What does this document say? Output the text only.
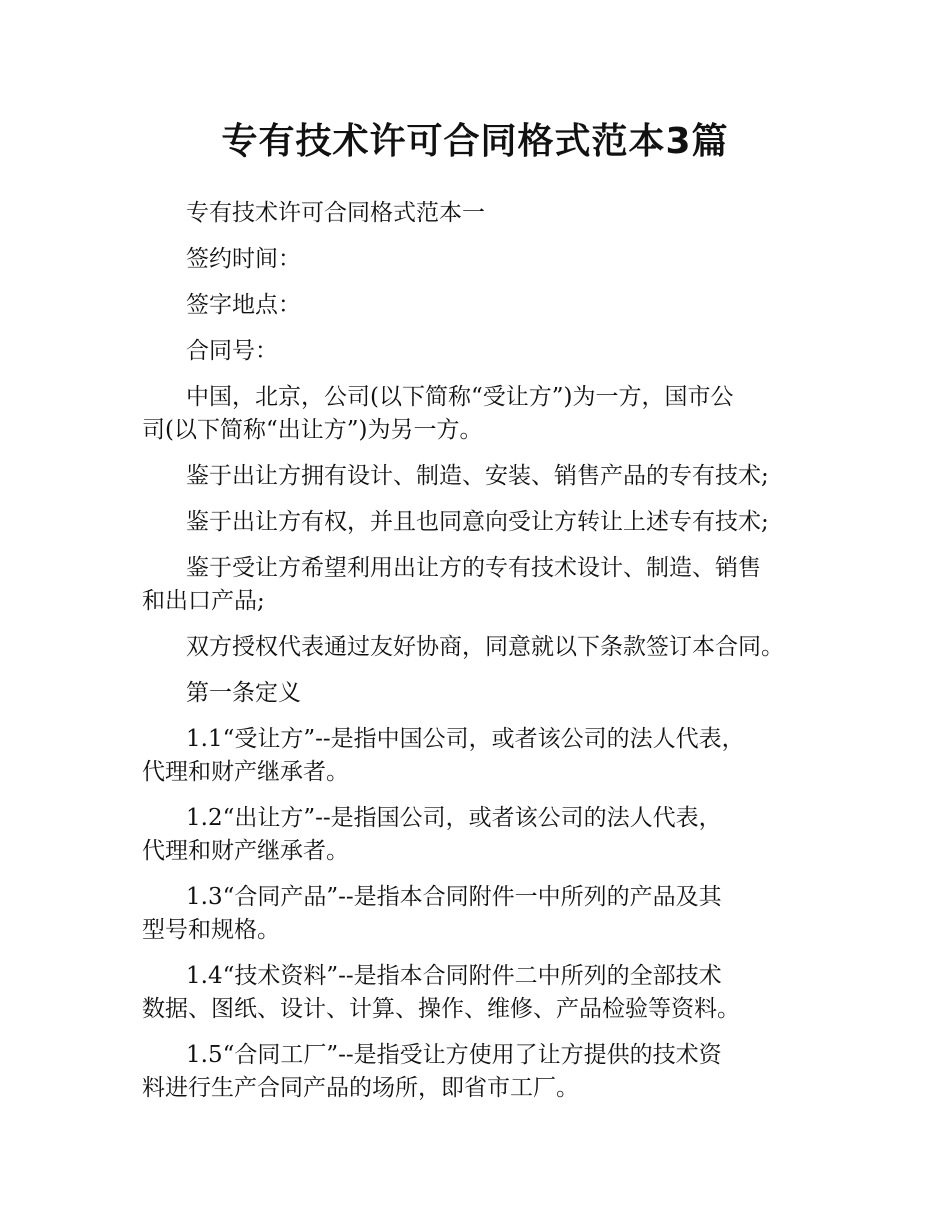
专有技术许可合同格式范本3篇

专有技术许可合同格式范本一

签约时间：

签字地点：

合同号：

中国，北京，公司(以下简称“受让方”)为一方，国市公
司(以下简称“出让方”)为另一方。

鉴于出让方拥有设计、制造、安装、销售产品的专有技术;

鉴于出让方有权，并且也同意向受让方转让上述专有技术;

鉴于受让方希望利用出让方的专有技术设计、制造、销售
和出口产品;

双方授权代表通过友好协商，同意就以下条款签订本合同。

第一条定义

1.1“受让方”--是指中国公司，或者该公司的法人代表，
代理和财产继承者。

1.2“出让方”--是指国公司，或者该公司的法人代表，
代理和财产继承者。

1.3“合同产品”--是指本合同附件一中所列的产品及其
型号和规格。

1.4“技术资料”--是指本合同附件二中所列的全部技术
数据、图纸、设计、计算、操作、维修、产品检验等资料。

1.5“合同工厂”--是指受让方使用了让方提供的技术资
料进行生产合同产品的场所，即省市工厂。
